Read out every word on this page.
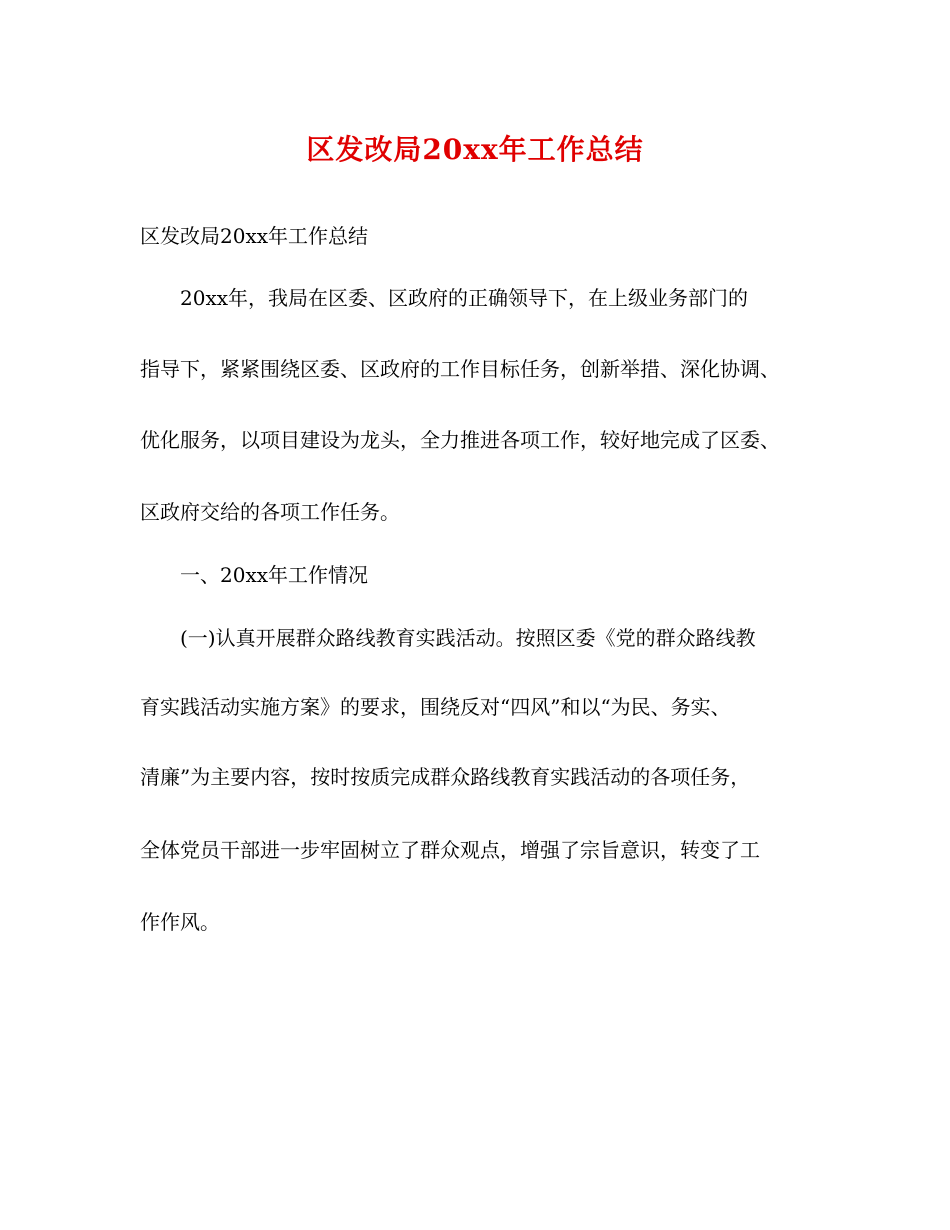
区发改局20xx年工作总结
区发改局20xx年工作总结
20xx年，我局在区委、区政府的正确领导下，在上级业务部门的
指导下，紧紧围绕区委、区政府的工作目标任务，创新举措、深化协调、
优化服务，以项目建设为龙头，全力推进各项工作，较好地完成了区委、
区政府交给的各项工作任务。
一、20xx年工作情况
(一)认真开展群众路线教育实践活动。按照区委《党的群众路线教
育实践活动实施方案》的要求，围绕反对“四风”和以“为民、务实、
清廉”为主要内容，按时按质完成群众路线教育实践活动的各项任务，
全体党员干部进一步牢固树立了群众观点，增强了宗旨意识，转变了工
作作风。
